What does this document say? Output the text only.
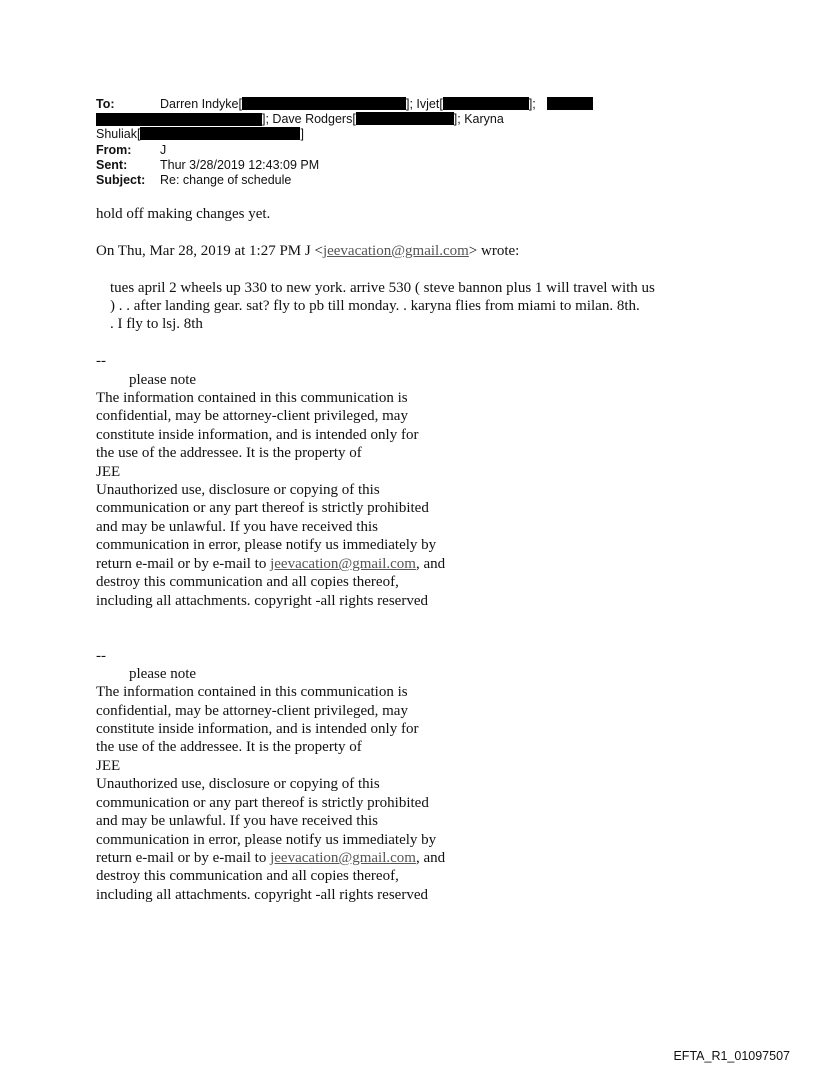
To:	Darren Indyke[	]; Ivjet[	];
]; Dave Rodgers[	]; Karyna
Shuliak[	]
From: J
Sent:	Thur 3/28/2019 12:43:09 PM
Subject: Re: change of schedule
hold off making changes yet.
On Thu, Mar 28, 2019 at 1:27 PM J <jeevacation@gmail.com> wrote:
tues april 2 wheels up 330 to new york. arrive 530 ( steve bannon plus 1 will travel with us
) . . after landing gear. sat? fly to pb till monday. . karyna flies from miami to milan. 8th.
. I fly to lsj. 8th
--
please note
The information contained in this communication is
confidential, may be attorney-client privileged, may
constitute inside information, and is intended only for
the use of the addressee. It is the property of
JEE
Unauthorized use, disclosure or copying of this
communication or any part thereof is strictly prohibited
and may be unlawful. If you have received this
communication in error, please notify us immediately by
return e-mail or by e-mail to jeevacation@gmail.com, and
destroy this communication and all copies thereof,
including all attachments. copyright -all rights reserved
--
please note
The information contained in this communication is
confidential, may be attorney-client privileged, may
constitute inside information, and is intended only for
the use of the addressee. It is the property of
JEE
Unauthorized use, disclosure or copying of this
communication or any part thereof is strictly prohibited
and may be unlawful. If you have received this
communication in error, please notify us immediately by
return e-mail or by e-mail to jeevacation@gmail.com, and
destroy this communication and all copies thereof,
including all attachments. copyright -all rights reserved
EFTA_R1_01097507
